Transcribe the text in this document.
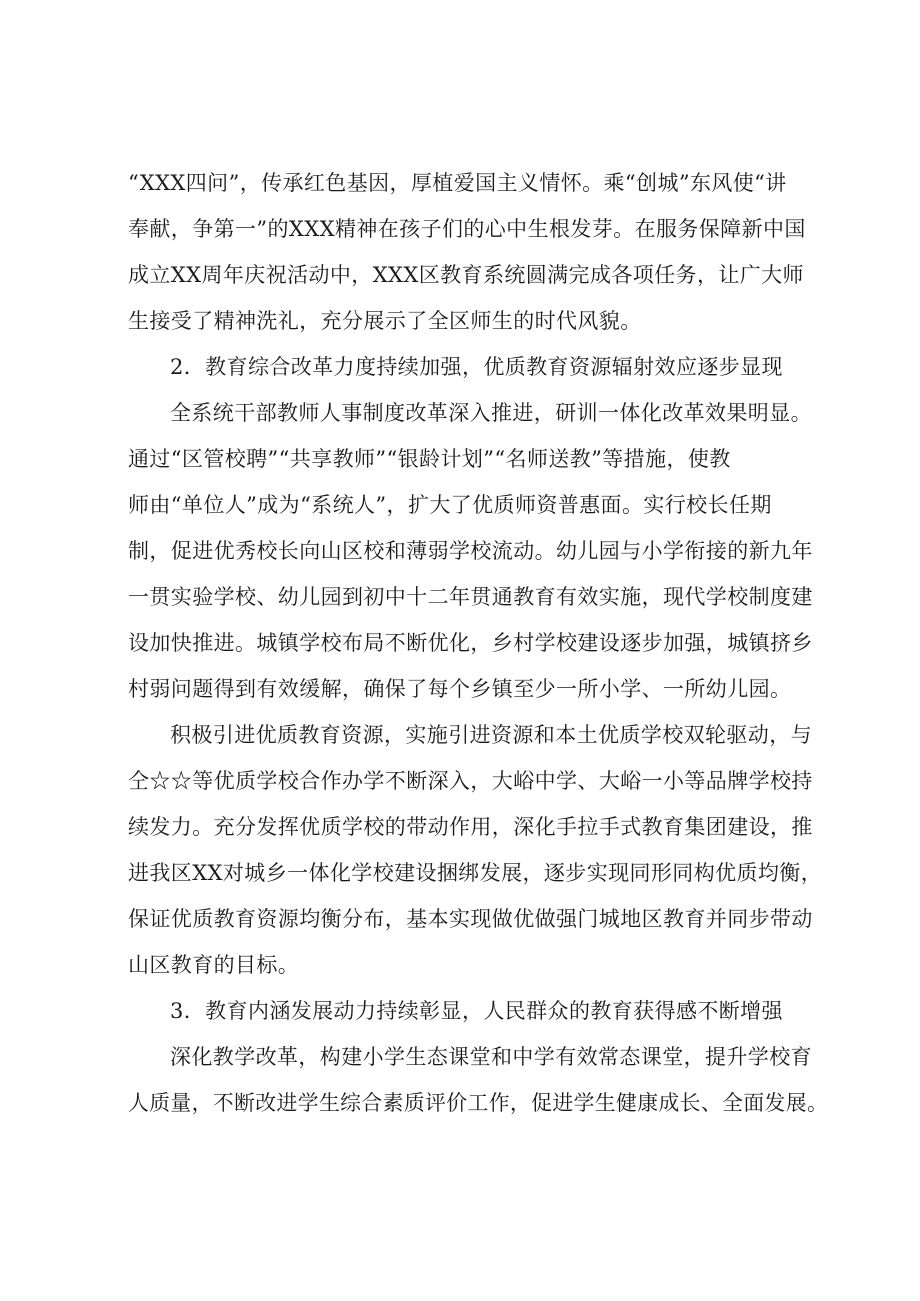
“XXX四问”，传承红色基因，厚植爱国主义情怀。乘“创城”东风使“讲
奉献，争第一”的XXX精神在孩子们的心中生根发芽。在服务保障新中国
成立XX周年庆祝活动中，XXX区教育系统圆满完成各项任务，让广大师
生接受了精神洗礼，充分展示了全区师生的时代风貌。
2．教育综合改革力度持续加强，优质教育资源辐射效应逐步显现
全系统干部教师人事制度改革深入推进，研训一体化改革效果明显。
通过“区管校聘”“共享教师”“银龄计划”“名师送教”等措施，使教
师由“单位人”成为“系统人”，扩大了优质师资普惠面。实行校长任期
制，促进优秀校长向山区校和薄弱学校流动。幼儿园与小学衔接的新九年
一贯实验学校、幼儿园到初中十二年贯通教育有效实施，现代学校制度建
设加快推进。城镇学校布局不断优化，乡村学校建设逐步加强，城镇挤乡
村弱问题得到有效缓解，确保了每个乡镇至少一所小学、一所幼儿园。
积极引进优质教育资源，实施引进资源和本土优质学校双轮驱动，与
仝☆☆等优质学校合作办学不断深入，大峪中学、大峪一小等品牌学校持
续发力。充分发挥优质学校的带动作用，深化手拉手式教育集团建设，推
进我区XX对城乡一体化学校建设捆绑发展，逐步实现同形同构优质均衡，
保证优质教育资源均衡分布，基本实现做优做强门城地区教育并同步带动
山区教育的目标。
3．教育内涵发展动力持续彰显，人民群众的教育获得感不断增强
深化教学改革，构建小学生态课堂和中学有效常态课堂，提升学校育
人质量，不断改进学生综合素质评价工作，促进学生健康成长、全面发展。
